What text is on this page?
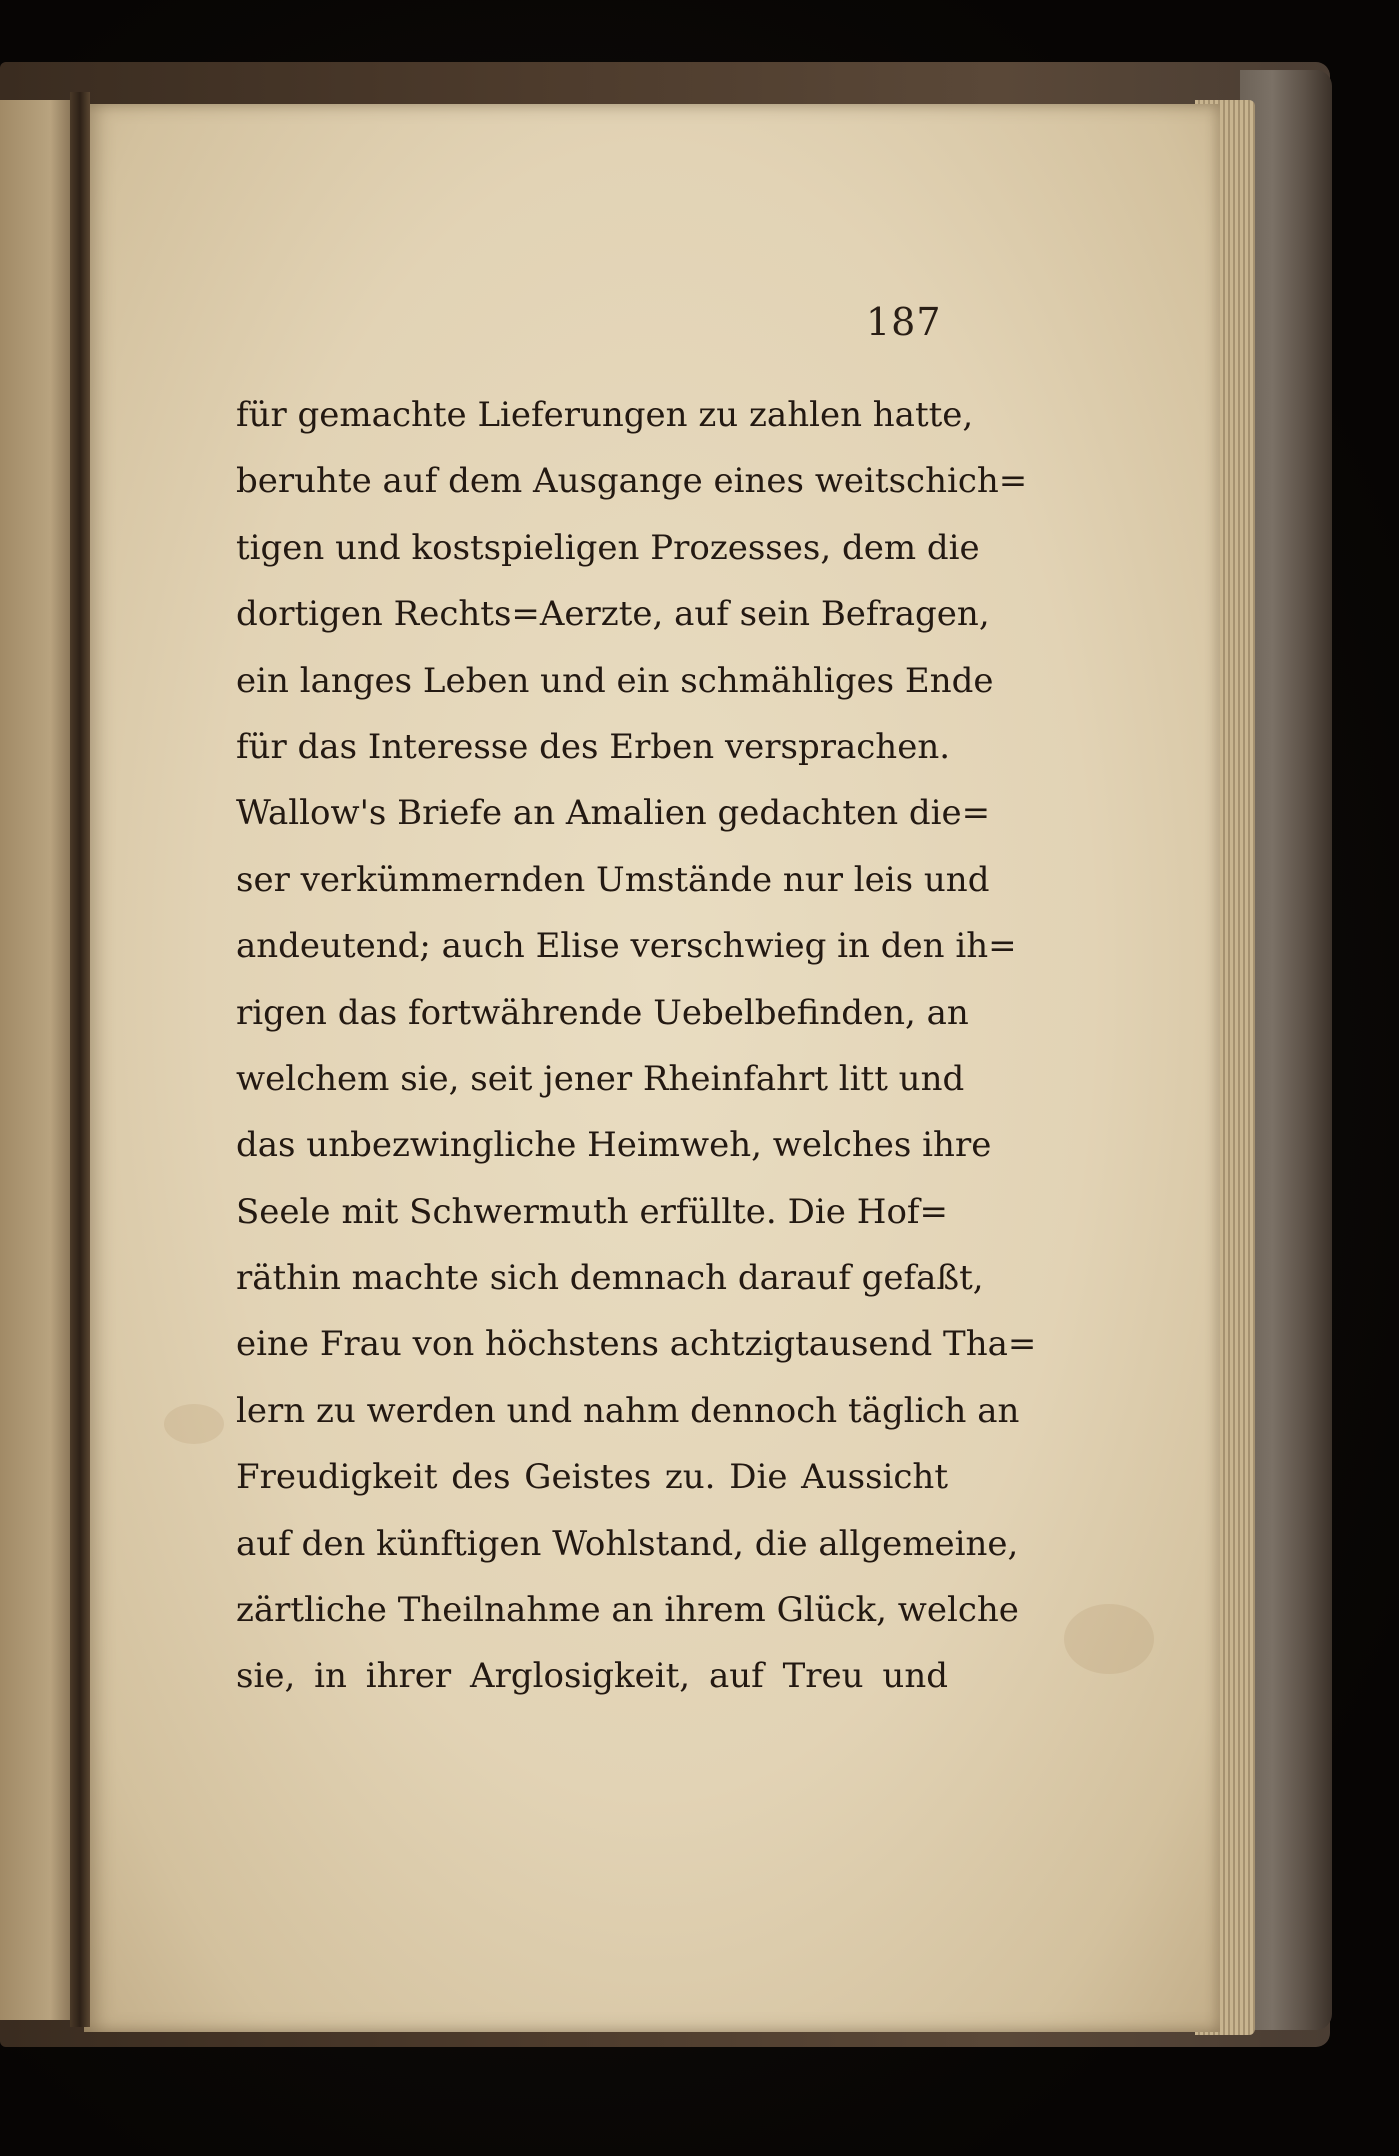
187
für gemachte Lieferungen zu zahlen hatte,
beruhte auf dem Ausgange eines weitschich=
tigen und kostspieligen Prozesses, dem die
dortigen Rechts=Aerzte, auf sein Befragen,
ein langes Leben und ein schmähliges Ende
für das Interesse des Erben versprachen.
Wallow's Briefe an Amalien gedachten die=
ser verkümmernden Umstände nur leis und
andeutend; auch Elise verschwieg in den ih=
rigen das fortwährende Uebelbefinden, an
welchem sie, seit jener Rheinfahrt litt und
das unbezwingliche Heimweh, welches ihre
Seele mit Schwermuth erfüllte. Die Hof=
räthin machte sich demnach darauf gefaßt,
eine Frau von höchstens achtzigtausend Tha=
lern zu werden und nahm dennoch täglich an
Freudigkeit des Geistes zu. Die Aussicht
auf den künftigen Wohlstand, die allgemeine,
zärtliche Theilnahme an ihrem Glück, welche
sie, in ihrer Arglosigkeit, auf Treu und
